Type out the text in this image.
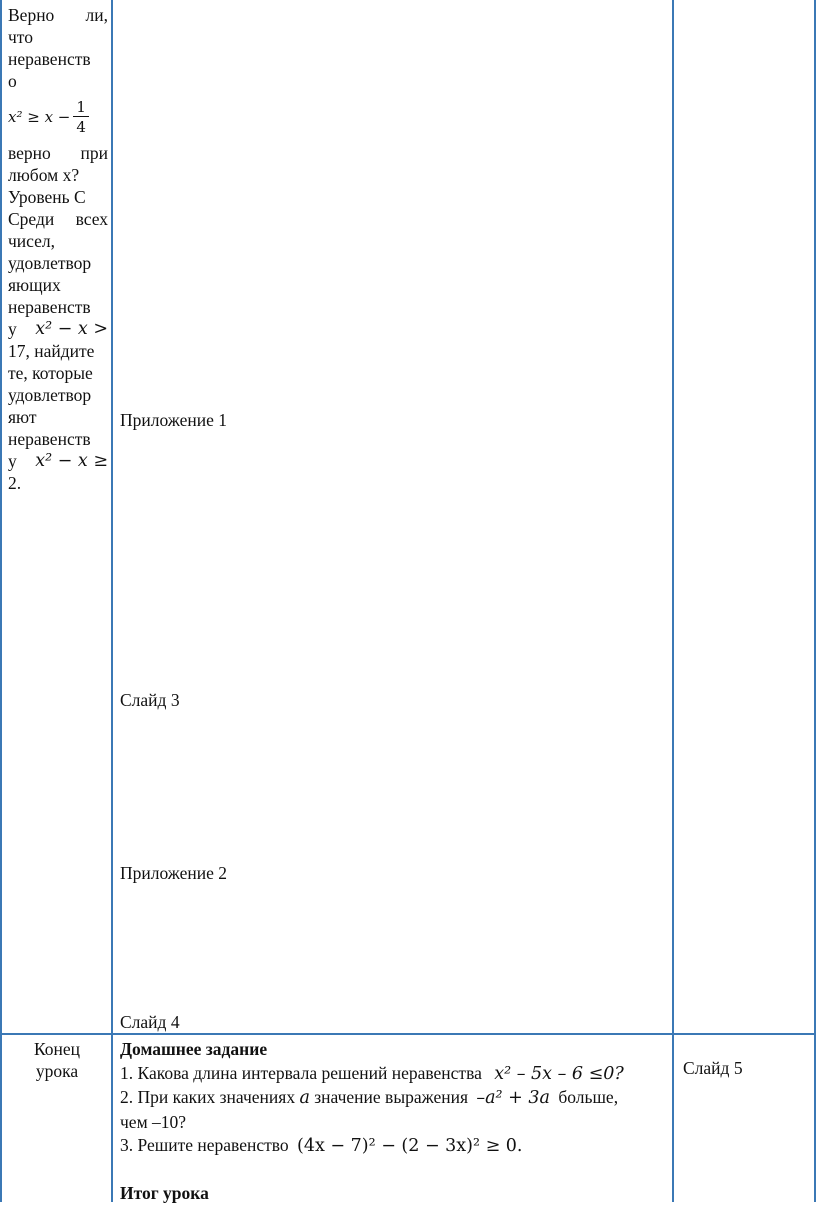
Верно ли,
что
неравенств
о
$x^2 \ge x - \frac{1}{4}$
верно при
любом x?
Уровень С
Среди всех
чисел,
удовлетвор
яющих
неравенств
у x² − x >
17, найдите
те, которые
удовлетвор
яют
неравенств
у x² − x ≥
2.
Приложение 1
Слайд 3
Приложение 2
Слайд 4
Конец
урока
Домашнее задание
1. Какова длина интервала решений неравенства x² – 5x – 6 ≤0?
2. При каких значениях a значение выражения –a² + 3a больше,
чем –10?
3. Решите неравенство (4x − 7)² − (2 − 3x)² ≥ 0.
Итог урока
Слайд 5
